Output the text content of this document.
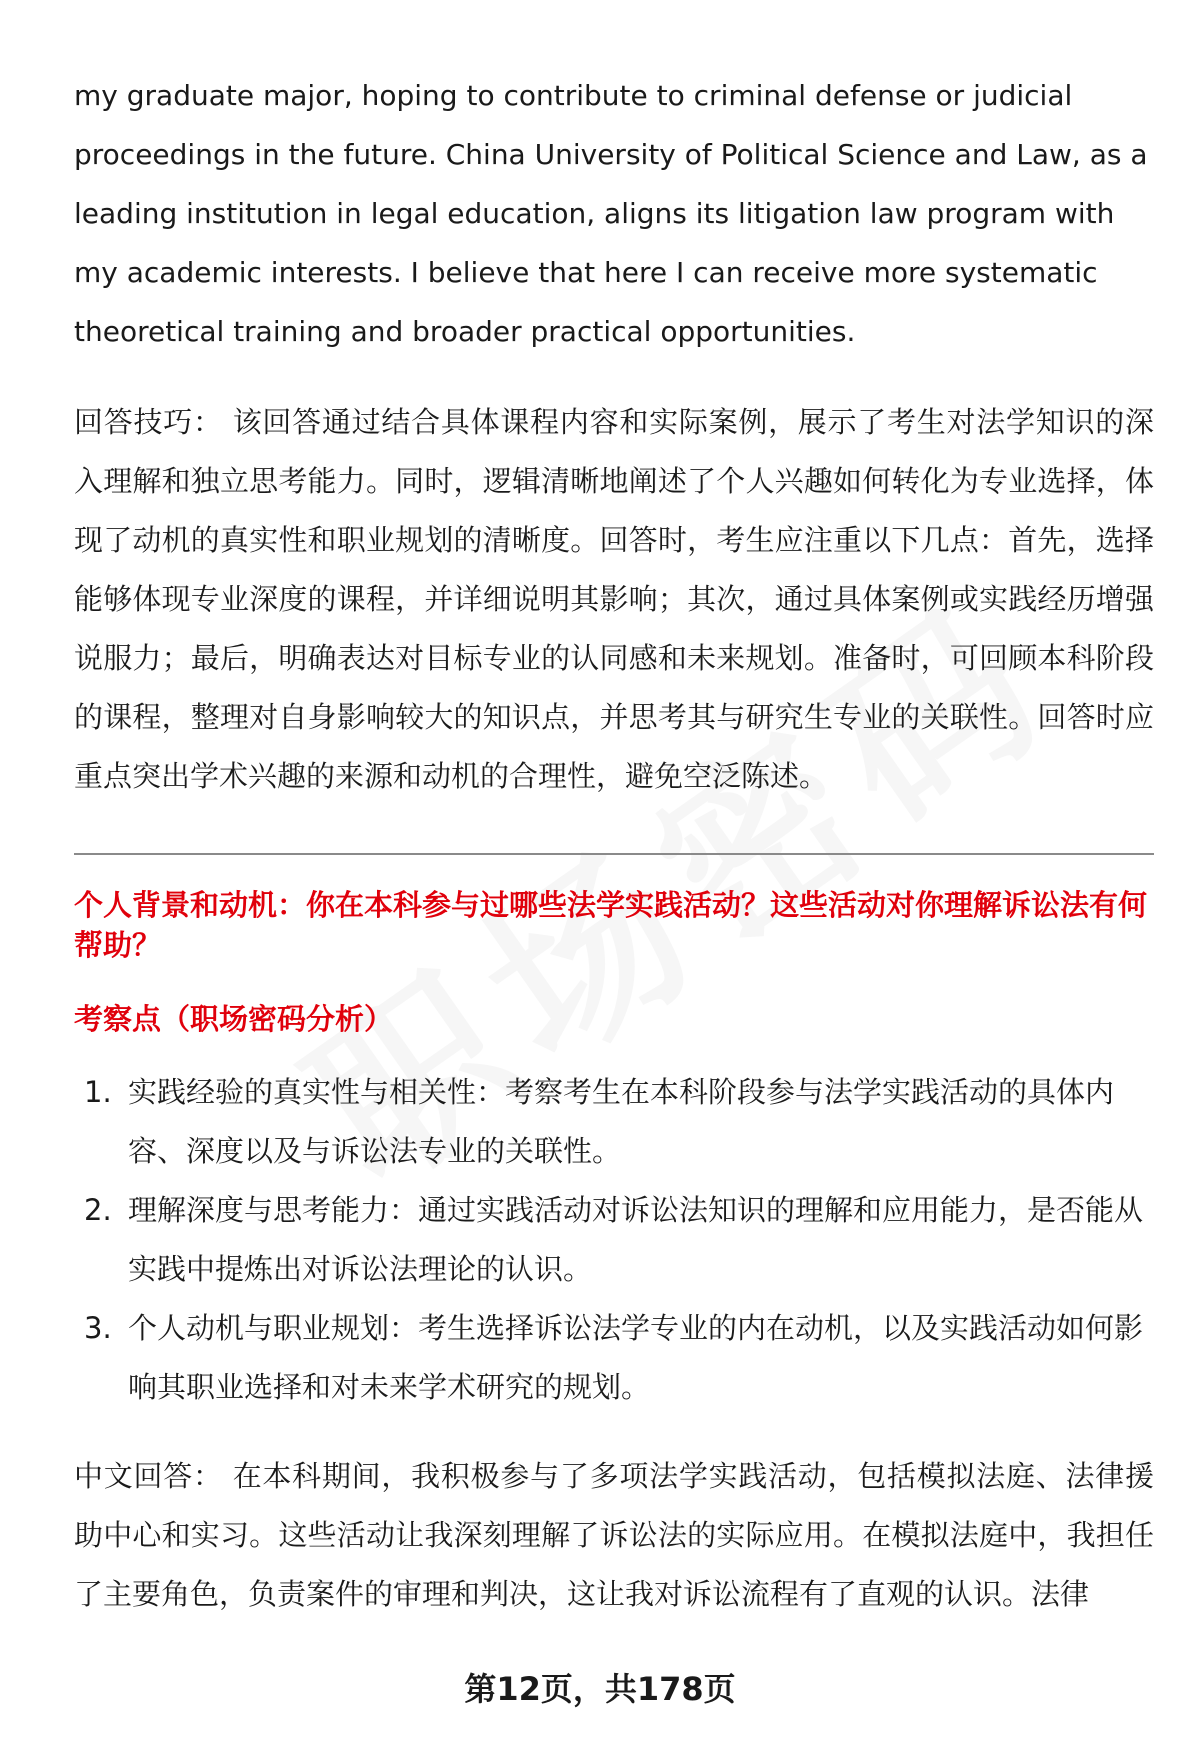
my graduate major, hoping to contribute to criminal defense or judicial proceedings in the future. China University of Political Science and Law, as a leading institution in legal education, aligns its litigation law program with my academic interests. I believe that here I can receive more systematic theoretical training and broader practical opportunities.

回答技巧： 该回答通过结合具体课程内容和实际案例，展示了考生对法学知识的深入理解和独立思考能力。同时，逻辑清晰地阐述了个人兴趣如何转化为专业选择，体现了动机的真实性和职业规划的清晰度。回答时，考生应注重以下几点：首先，选择能够体现专业深度的课程，并详细说明其影响；其次，通过具体案例或实践经历增强说服力；最后，明确表达对目标专业的认同感和未来规划。准备时，可回顾本科阶段的课程，整理对自身影响较大的知识点，并思考其与研究生专业的关联性。回答时应重点突出学术兴趣的来源和动机的合理性，避免空泛陈述。

个人背景和动机：你在本科参与过哪些法学实践活动？这些活动对你理解诉讼法有何帮助？

考察点（职场密码分析）

1. 实践经验的真实性与相关性：考察考生在本科阶段参与法学实践活动的具体内容、深度以及与诉讼法专业的关联性。
2. 理解深度与思考能力：通过实践活动对诉讼法知识的理解和应用能力，是否能从实践中提炼出对诉讼法理论的认识。
3. 个人动机与职业规划：考生选择诉讼法学专业的内在动机，以及实践活动如何影响其职业选择和对未来学术研究的规划。

中文回答： 在本科期间，我积极参与了多项法学实践活动，包括模拟法庭、法律援助中心和实习。这些活动让我深刻理解了诉讼法的实际应用。在模拟法庭中，我担任了主要角色，负责案件的审理和判决，这让我对诉讼流程有了直观的认识。法律

第12页，共178页
